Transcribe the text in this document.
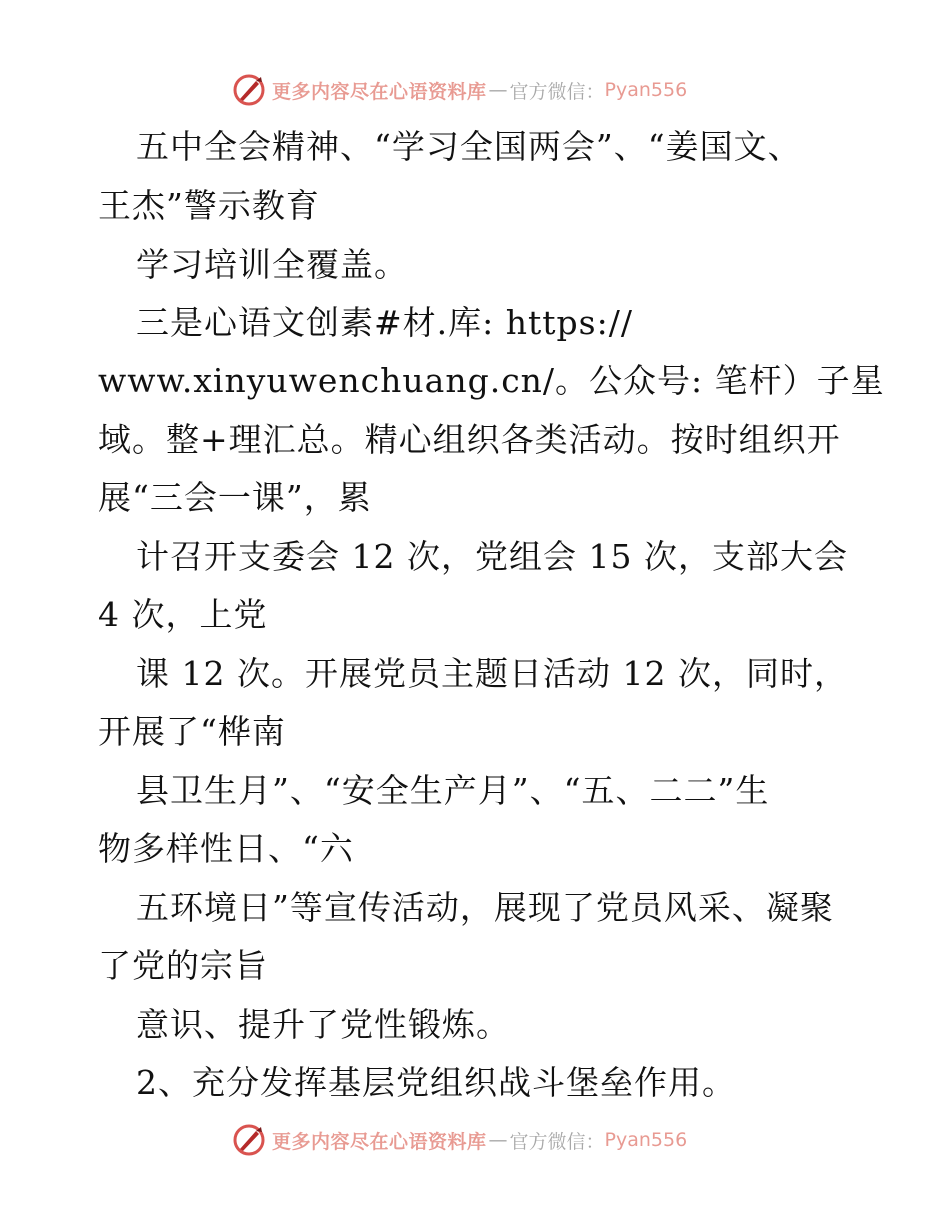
更多内容尽在心语资料库 — 官方微信： Pyan556
五中全会精神、“学习全国两会”、“姜国文、
王杰”警示教育
学习培训全覆盖。
三是心语文创素#材.库: https://
www.xinyuwenchuang.cn/。公众号: 笔杆）子星
域。整+理汇总。精心组织各类活动。按时组织开
展“三会一课”，累
计召开支委会 12 次，党组会 15 次，支部大会
4 次，上党
课 12 次。开展党员主题日活动 12 次，同时，
开展了“桦南
县卫生月”、“安全生产月”、“五、二二”生
物多样性日、“六
五环境日”等宣传活动，展现了党员风采、凝聚
了党的宗旨
意识、提升了党性锻炼。
2、充分发挥基层党组织战斗堡垒作用。
更多内容尽在心语资料库 — 官方微信： Pyan556
